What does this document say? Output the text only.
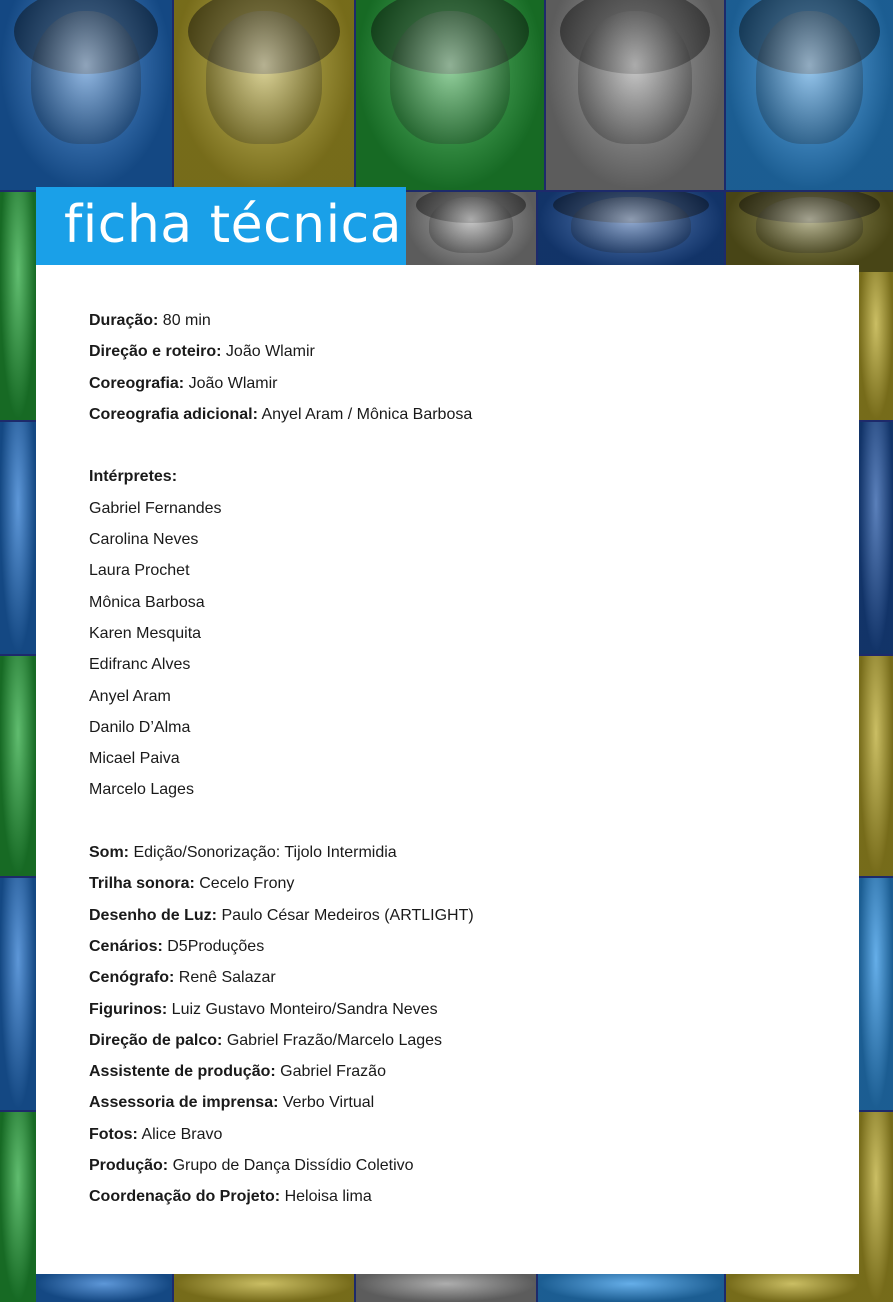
ficha técnica
Duração: 80 min
Direção e roteiro: João Wlamir
Coreografia: João Wlamir
Coreografia adicional: Anyel Aram / Mônica Barbosa
Intérpretes:
Gabriel Fernandes
Carolina Neves
Laura Prochet
Mônica Barbosa
Karen Mesquita
Edifranc Alves
Anyel Aram
Danilo D’Alma
Micael Paiva
Marcelo Lages
Som: Edição/Sonorização: Tijolo Intermidia
Trilha sonora: Cecelo Frony
Desenho de Luz: Paulo César Medeiros (ARTLIGHT)
Cenários: D5Produções
Cenógrafo: Renê Salazar
Figurinos: Luiz Gustavo Monteiro/Sandra Neves
Direção de palco: Gabriel Frazão/Marcelo Lages
Assistente de produção: Gabriel Frazão
Assessoria de imprensa: Verbo Virtual
Fotos: Alice Bravo
Produção: Grupo de Dança Dissídio Coletivo
Coordenação do Projeto: Heloisa lima
